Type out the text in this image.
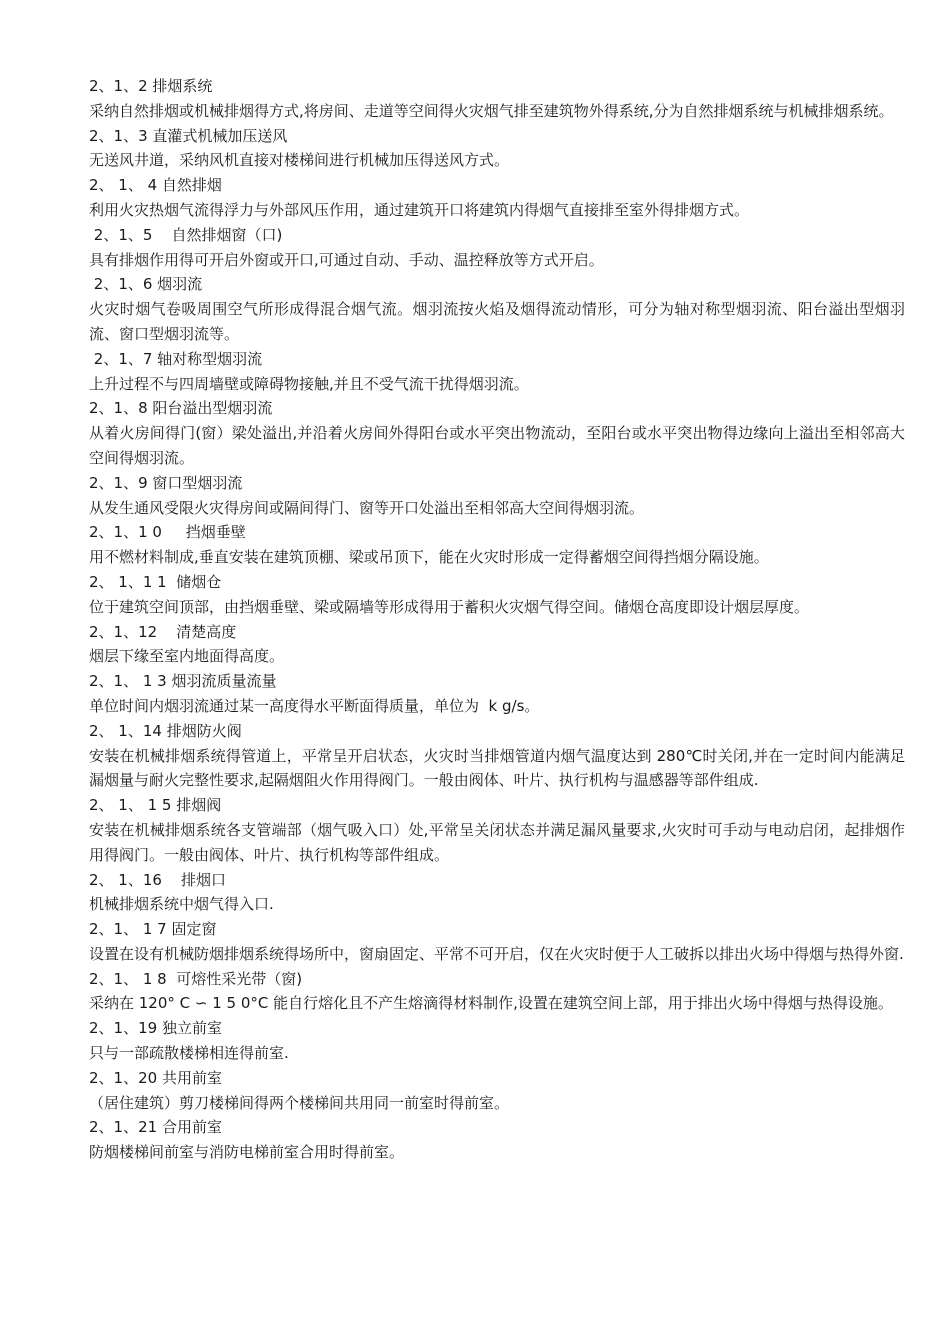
2、1、2 排烟系统

采纳自然排烟或机械排烟得方式,将房间、走道等空间得火灾烟气排至建筑物外得系统,分为自然排烟系统与机械排烟系统。

2、1、3 直灌式机械加压送风

无送风井道，采纳风机直接对楼梯间进行机械加压得送风方式。

2、 1、 4 自然排烟

利用火灾热烟气流得浮力与外部风压作用，通过建筑开口将建筑内得烟气直接排至室外得排烟方式。

2、1、5    自然排烟窗（口)

具有排烟作用得可开启外窗或开口,可通过自动、手动、温控释放等方式开启。

2、1、6 烟羽流

火灾时烟气卷吸周围空气所形成得混合烟气流。烟羽流按火焰及烟得流动情形，可分为轴对称型烟羽流、阳台溢出型烟羽流、窗口型烟羽流等。

2、1、7 轴对称型烟羽流

上升过程不与四周墙壁或障碍物接触,并且不受气流干扰得烟羽流。

2、1、8 阳台溢出型烟羽流

从着火房间得门(窗）梁处溢出,并沿着火房间外得阳台或水平突出物流动，至阳台或水平突出物得边缘向上溢出至相邻高大空间得烟羽流。

2、1、9 窗口型烟羽流

从发生通风受限火灾得房间或隔间得门、窗等开口处溢出至相邻高大空间得烟羽流。

2、1、1 0     挡烟垂壁

用不燃材料制成,垂直安装在建筑顶棚、梁或吊顶下，能在火灾时形成一定得蓄烟空间得挡烟分隔设施。

2、 1、1 1  储烟仓

位于建筑空间顶部，由挡烟垂壁、梁或隔墙等形成得用于蓄积火灾烟气得空间。储烟仓高度即设计烟层厚度。

2、1、12    清楚高度

烟层下缘至室内地面得高度。

2、1、 1 3 烟羽流质量流量

单位时间内烟羽流通过某一高度得水平断面得质量，单位为  k g/s。

2、 1、14 排烟防火阀

安装在机械排烟系统得管道上，平常呈开启状态，火灾时当排烟管道内烟气温度达到 280℃时关闭,并在一定时间内能满足漏烟量与耐火完整性要求,起隔烟阻火作用得阀门。一般由阀体、叶片、执行机构与温感器等部件组成.

2、 1、 1 5 排烟阀

安装在机械排烟系统各支管端部（烟气吸入口）处,平常呈关闭状态并满足漏风量要求,火灾时可手动与电动启闭，起排烟作用得阀门。一般由阀体、叶片、执行机构等部件组成。

2、 1、16    排烟口

机械排烟系统中烟气得入口.

2、1、 1 7 固定窗

设置在设有机械防烟排烟系统得场所中，窗扇固定、平常不可开启，仅在火灾时便于人工破拆以排出火场中得烟与热得外窗.

2、1、 1 8  可熔性采光带（窗)

采纳在 120° C ∽ 1 5 0°C 能自行熔化且不产生熔滴得材料制作,设置在建筑空间上部，用于排出火场中得烟与热得设施。

2、1、19 独立前室

只与一部疏散楼梯相连得前室.

2、1、20 共用前室

（居住建筑）剪刀楼梯间得两个楼梯间共用同一前室时得前室。

2、1、21 合用前室

防烟楼梯间前室与消防电梯前室合用时得前室。
